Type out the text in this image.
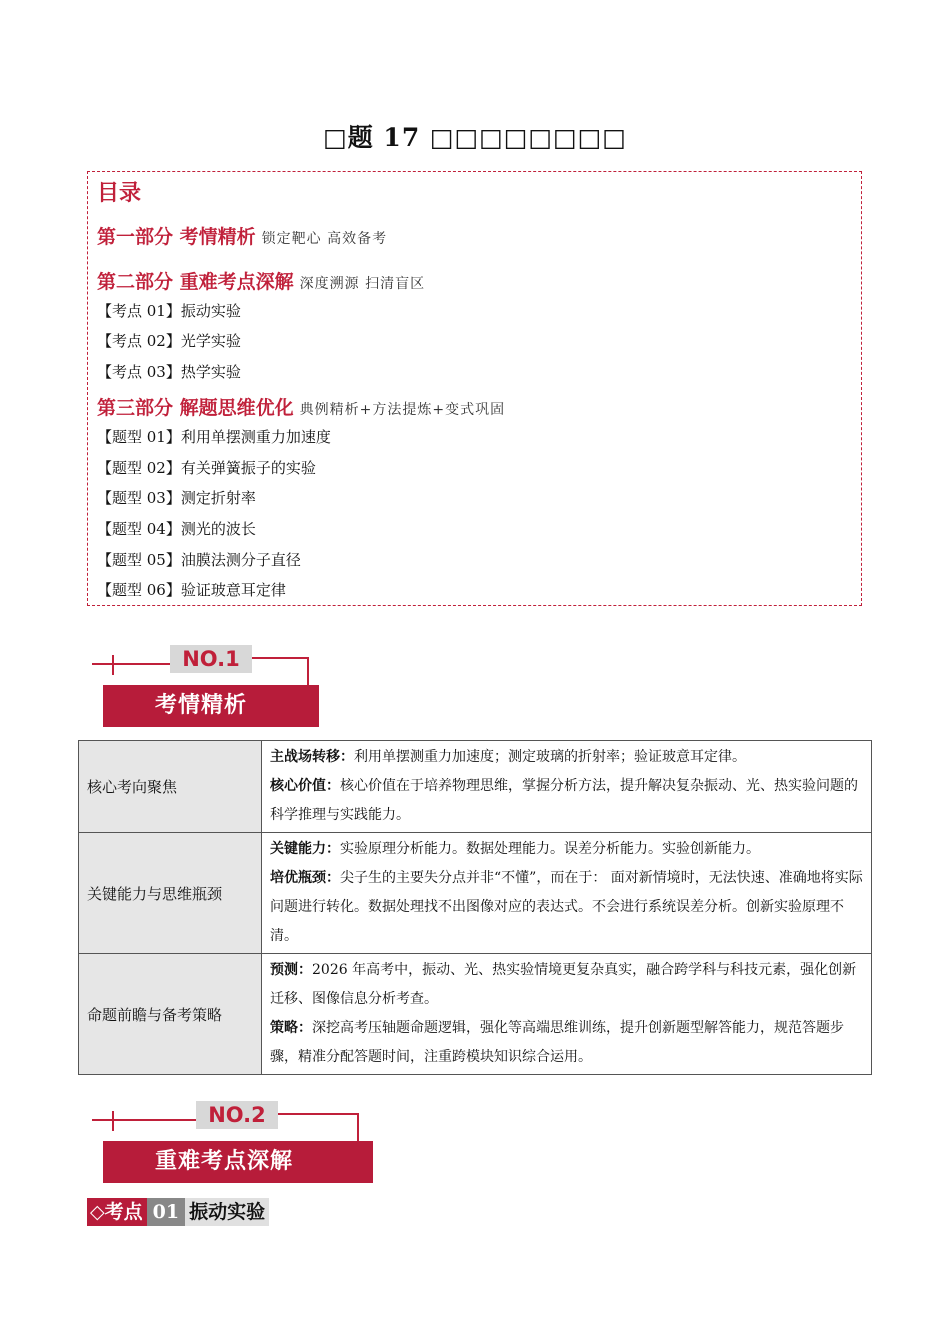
□题 17 □□□□□□□□
目录
第一部分 考情精析 锁定靶心 高效备考
第二部分 重难考点深解 深度溯源 扫清盲区
【考点 01】振动实验
【考点 02】光学实验
【考点 03】热学实验
第三部分 解题思维优化 典例精析+方法提炼+变式巩固
【题型 01】利用单摆测重力加速度
【题型 02】有关弹簧振子的实验
【题型 03】测定折射率
【题型 04】测光的波长
【题型 05】油膜法测分子直径
【题型 06】验证玻意耳定律
NO.1
考情精析
核心考向聚焦	主战场转移：利用单摆测重力加速度；测定玻璃的折射率；验证玻意耳定律。
核心价值：核心价值在于培养物理思维，掌握分析方法，提升解决复杂振动、光、热实验问题的科学推理与实践能力。

关键能力与思维瓶颈	关键能力：实验原理分析能力。数据处理能力。误差分析能力。实验创新能力。
培优瓶颈：尖子生的主要失分点并非“不懂”，而在于： 面对新情境时，无法快速、准确地将实际问题进行转化。数据处理找不出图像对应的表达式。不会进行系统误差分析。创新实验原理不清。

命题前瞻与备考策略	预测：2026 年高考中，振动、光、热实验情境更复杂真实，融合跨学科与科技元素，强化创新迁移、图像信息分析考查。
策略：深挖高考压轴题命题逻辑，强化等高端思维训练，提升创新题型解答能力，规范答题步骤，精准分配答题时间，注重跨模块知识综合运用。
NO.2
重难考点深解
◇考点 01 振动实验
